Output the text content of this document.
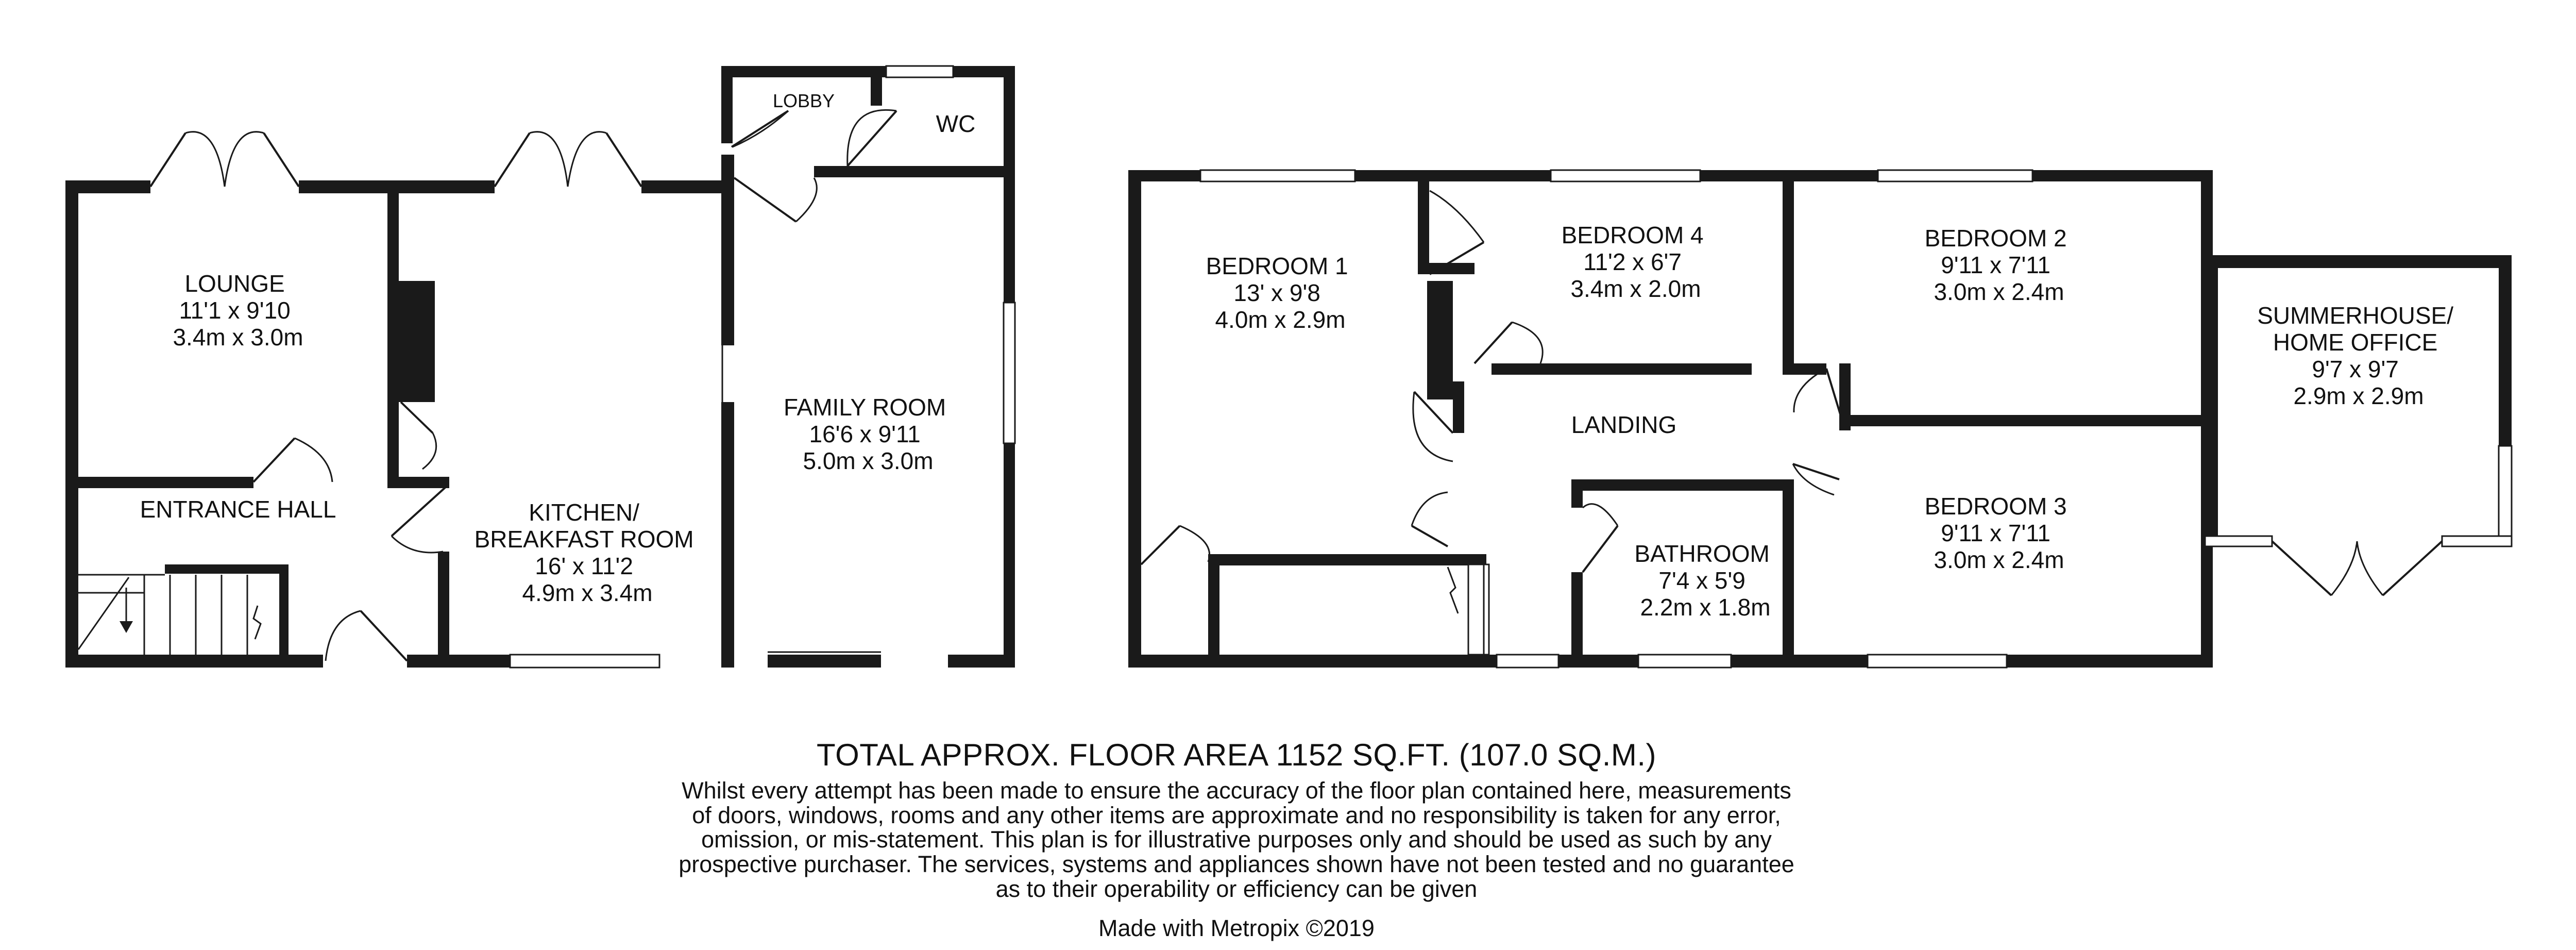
LOUNGE 11'1 x 9'10 3.4m x 3.0m
ENTRANCE HALL	KITCHEN/ BREAKFAST ROOM 16' x 11'2 4.9m x 3.4m
FAMILY ROOM 16'6 x 9'11 5.0m x 3.0m
LOBBY
WC
BEDROOM 1 13' x 9'8 4.0m x 2.9m
BEDROOM 4 11'2 x 6'7 3.4m x 2.0m
BEDROOM 2 9'11 x 7'11 3.0m x 2.4m
LANDING
BEDROOM 3 9'11 x 7'11 3.0m x 2.4m
BATHROOM 7'4 x 5'9 2.2m x 1.8m
SUMMERHOUSE/ HOME OFFICE 9'7 x 9'7 2.9m x 2.9m
TOTAL APPROX. FLOOR AREA 1152 SQ.FT. (107.0 SQ.M.)
Whilst every attempt has been made to ensure the accuracy of the floor plan contained here, measurements
of doors, windows, rooms and any other items are approximate and no responsibility is taken for any error,
omission, or mis-statement. This plan is for illustrative purposes only and should be used as such by any
prospective purchaser. The services, systems and appliances shown have not been tested and no guarantee
as to their operability or efficiency can be given
Made with Metropix ©2019
